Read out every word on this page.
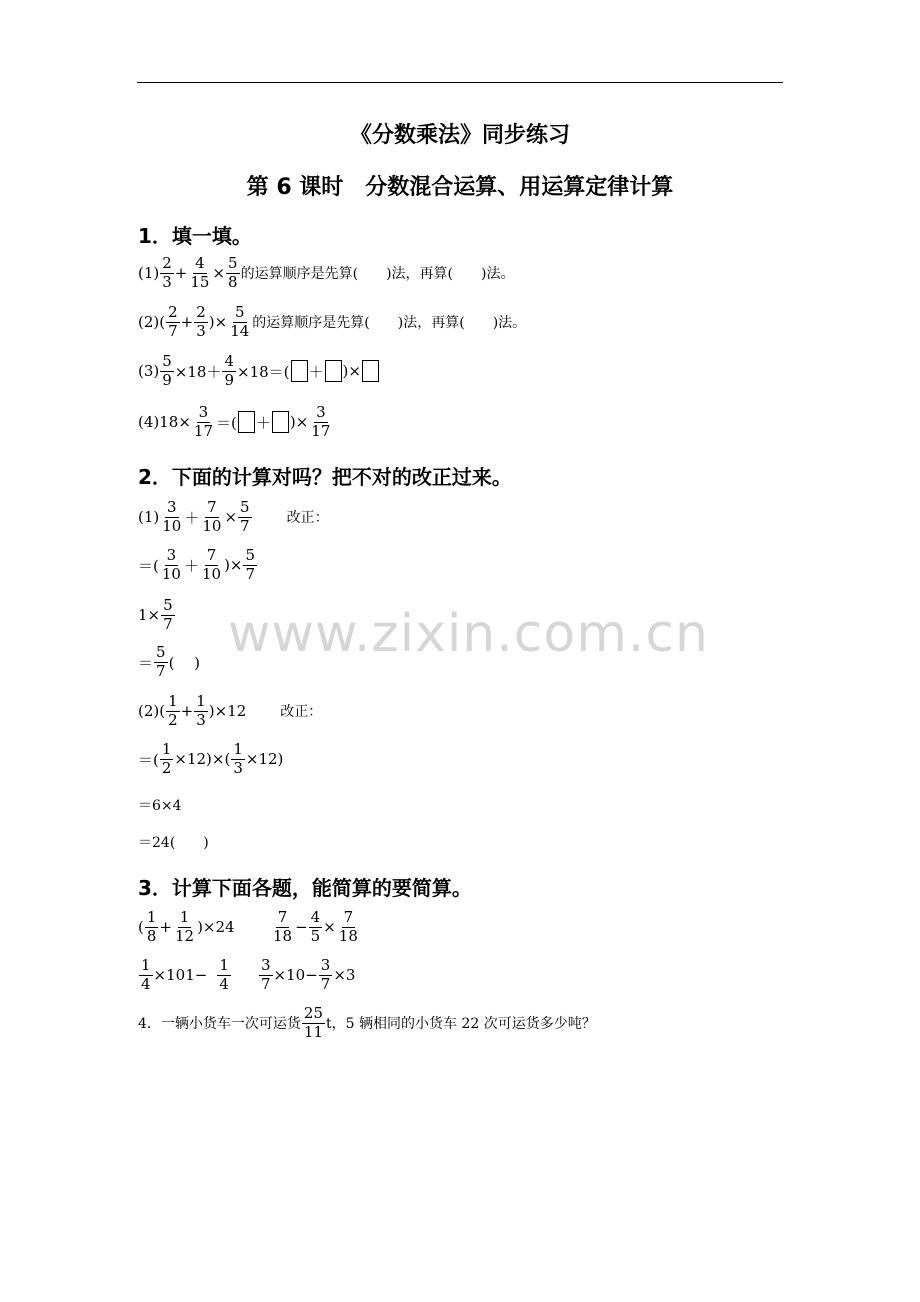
《分数乘法》同步练习
第 6 课时　分数混合运算、用运算定律计算
www.zixin.com.cn
1．填一填。
$(1) \frac{2}{3} + \frac{4}{15} \times \frac{5}{8}$ 的运算顺序是先算(
　　 )法，再算(
　　 )法。
(2) ( $\frac{2}{7} + \frac{2}{3}$ )× $\frac{5}{14}$ 的运算顺序是先算(
　　 )法，再算(
　　 )法。
$(3) \frac{5}{9} \times 18+ \frac{4}{9} \times 18=$( ＋ )×
(4) $18\times \frac{3}{17}$ ＝( ＋ )× $\frac{3}{17}$
2．下面的计算对吗？把不对的改正过来。
$(1) \frac{3}{10} + \frac{7}{10} \times \frac{5}{7}$	改正：
＝( $\frac{3}{10} + \frac{7}{10}$ )× $\frac{5}{7}$
$1\times \frac{5}{7}$
＝ $\frac{5}{7}$ (　 )
(2) ( $\frac{1}{2} + \frac{1}{3} )\times 12$ 改正：
＝( $\frac{1}{2} \times 12)\times( \frac{1}{3} \times 12)$
＝6×4
＝24(　　)
3．计算下面各题，能简算的要简算。
( $\frac{1}{8} + \frac{1}{12} )\times 24 \frac{7}{18} - \frac{4}{5} \times \frac{7}{18}$
$\frac{1}{4} \times 101- \frac{1}{4} \frac{3}{7} \times 10- \frac{3}{7} \times 3$
4．一辆小货车一次可运货 $\frac{25}{11}$ t，5 辆相同的小货车 22 次可运货多少吨？
